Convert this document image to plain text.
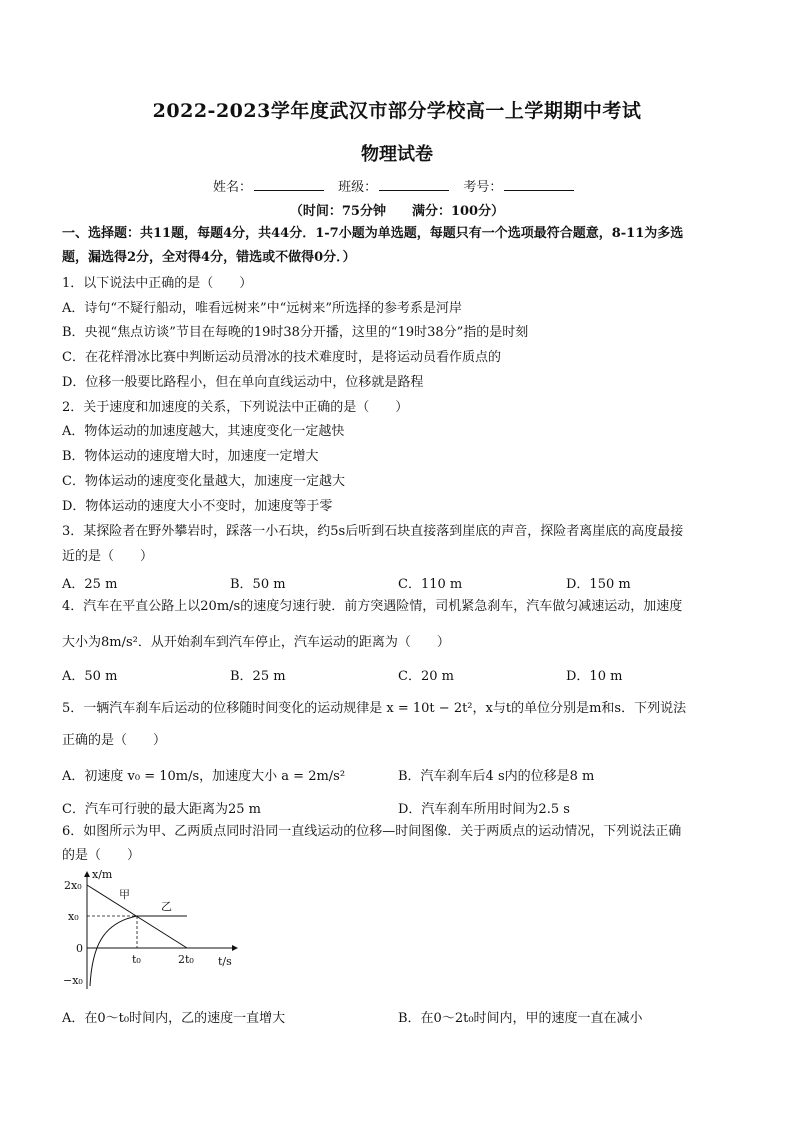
2022-2023学年度武汉市部分学校高一上学期期中考试
物理试卷
姓名：	班级：	考号：
（时间：75分钟 满分：100分）
一、选择题：共11题，每题4分，共44分．1-7小题为单选题，每题只有一个选项最符合题意，8-11为多选
题，漏选得2分，全对得4分，错选或不做得0分．）
1．以下说法中正确的是（　　）
A．诗句“不疑行船动，唯看远树来”中“远树来”所选择的参考系是河岸
B．央视“焦点访谈”节目在每晚的19时38分开播，这里的“19时38分”指的是时刻
C．在花样滑冰比赛中判断运动员滑冰的技术难度时，是将运动员看作质点的
D．位移一般要比路程小，但在单向直线运动中，位移就是路程
2．关于速度和加速度的关系，下列说法中正确的是（　　）
A．物体运动的加速度越大，其速度变化一定越快
B．物体运动的速度增大时，加速度一定增大
C．物体运动的速度变化量越大，加速度一定越大
D．物体运动的速度大小不变时，加速度等于零
3．某探险者在野外攀岩时，踩落一小石块，约5s后听到石块直接落到崖底的声音，探险者离崖底的高度最接
近的是（　　）
A．25 m	B．50 m	C．110 m	D．150 m
4．汽车在平直公路上以20m/s的速度匀速行驶．前方突遇险情，司机紧急刹车，汽车做匀减速运动，加速度
大小为8m/s²．从开始刹车到汽车停止，汽车运动的距离为（　　）
A．50 m	B．25 m	C．20 m	D．10 m
5．一辆汽车刹车后运动的位移随时间变化的运动规律是 x = 10t − 2t²，x与t的单位分别是m和s．下列说法
正确的是（　　）
A．初速度 v₀ = 10m/s，加速度大小 a = 2m/s²	B．汽车刹车后4 s内的位移是8 m
C．汽车可行驶的最大距离为25 m	D．汽车刹车所用时间为2.5 s
6．如图所示为甲、乙两质点同时沿同一直线运动的位移—时间图像．关于两质点的运动情况，下列说法正确
的是（　　）
x/m
t/s
2x₀
x₀
0
−x₀
t₀	2t₀
甲
乙
A．在0～t₀时间内，乙的速度一直增大	B．在0～2t₀时间内，甲的速度一直在减小
